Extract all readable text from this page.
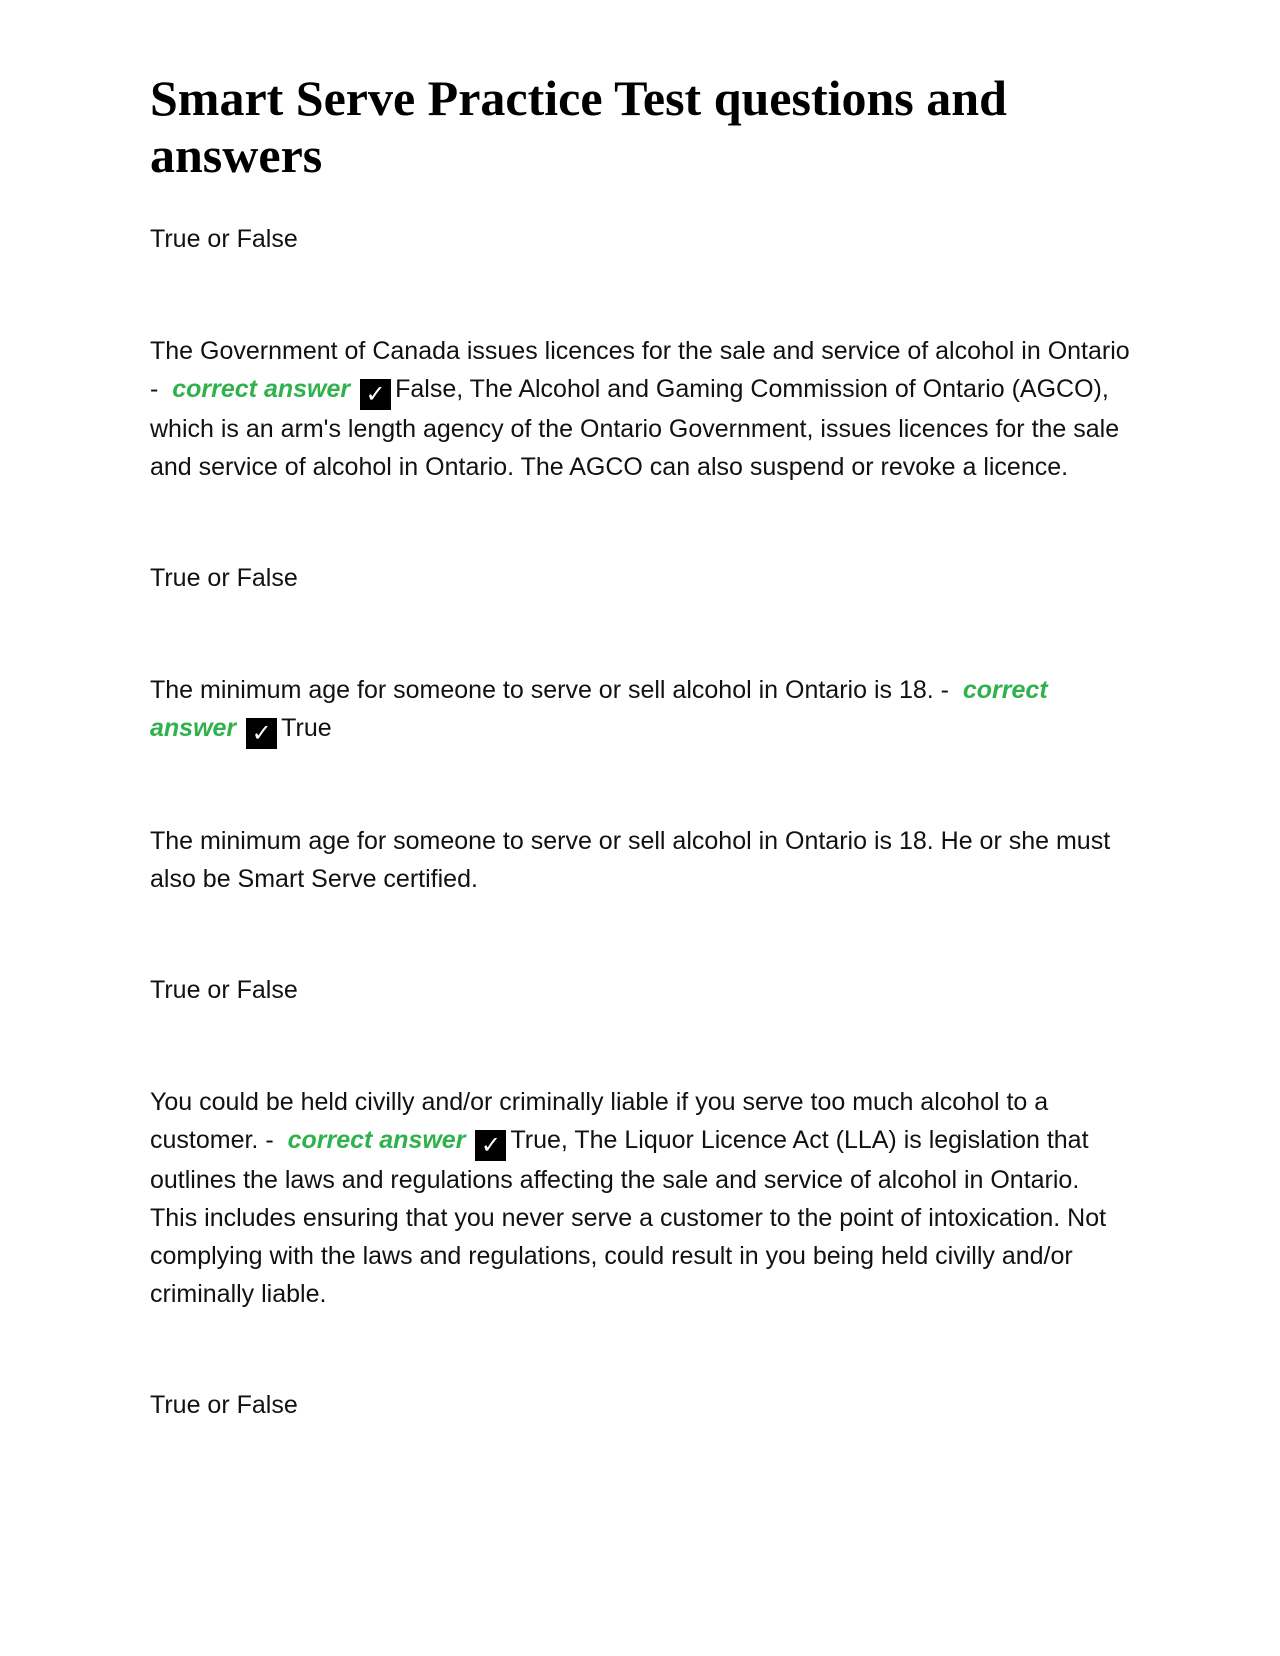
Smart Serve Practice Test questions and answers

True or False

The Government of Canada issues licences for the sale and service of alcohol in Ontario - correct answer ✓ False, The Alcohol and Gaming Commission of Ontario (AGCO), which is an arm's length agency of the Ontario Government, issues licences for the sale and service of alcohol in Ontario. The AGCO can also suspend or revoke a licence.

True or False

The minimum age for someone to serve or sell alcohol in Ontario is 18. - correct answer ✓ True

The minimum age for someone to serve or sell alcohol in Ontario is 18. He or she must also be Smart Serve certified.

True or False

You could be held civilly and/or criminally liable if you serve too much alcohol to a customer. - correct answer ✓ True, The Liquor Licence Act (LLA) is legislation that outlines the laws and regulations affecting the sale and service of alcohol in Ontario. This includes ensuring that you never serve a customer to the point of intoxication. Not complying with the laws and regulations, could result in you being held civilly and/or criminally liable.

True or False
